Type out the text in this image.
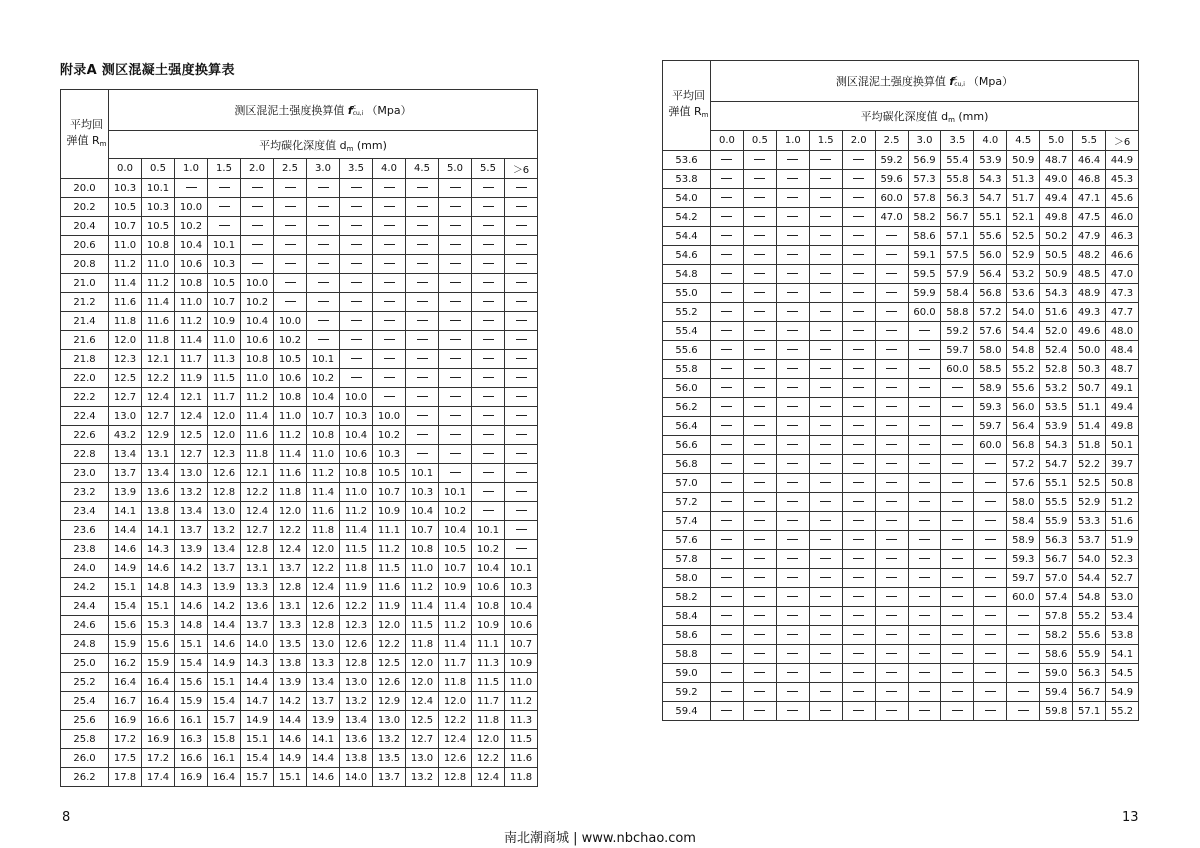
附录A 测区混凝土强度换算表
平均回
弹值 $R_m$	测区混泥土强度换算值 fc
cu,i （Mpa）												
	平均碳化深度值 $d_m$ (mm)												
	0.0	0.5	1.0	1.5	2.0	2.5	3.0	3.5	4.0	4.5	5.0	5.5	＞6
20.0	10.3	10.1											
20.2	10.5	10.3	10.0										
20.4	10.7	10.5	10.2										
20.6	11.0	10.8	10.4	10.1									
20.8	11.2	11.0	10.6	10.3									
21.0	11.4	11.2	10.8	10.5	10.0								
21.2	11.6	11.4	11.0	10.7	10.2								
21.4	11.8	11.6	11.2	10.9	10.4	10.0							
21.6	12.0	11.8	11.4	11.0	10.6	10.2							
21.8	12.3	12.1	11.7	11.3	10.8	10.5	10.1						
22.0	12.5	12.2	11.9	11.5	11.0	10.6	10.2						
22.2	12.7	12.4	12.1	11.7	11.2	10.8	10.4	10.0					
22.4	13.0	12.7	12.4	12.0	11.4	11.0	10.7	10.3	10.0				
22.6	43.2	12.9	12.5	12.0	11.6	11.2	10.8	10.4	10.2				
22.8	13.4	13.1	12.7	12.3	11.8	11.4	11.0	10.6	10.3				
23.0	13.7	13.4	13.0	12.6	12.1	11.6	11.2	10.8	10.5	10.1			
23.2	13.9	13.6	13.2	12.8	12.2	11.8	11.4	11.0	10.7	10.3	10.1		
23.4	14.1	13.8	13.4	13.0	12.4	12.0	11.6	11.2	10.9	10.4	10.2		
23.6	14.4	14.1	13.7	13.2	12.7	12.2	11.8	11.4	11.1	10.7	10.4	10.1	
23.8	14.6	14.3	13.9	13.4	12.8	12.4	12.0	11.5	11.2	10.8	10.5	10.2	
24.0	14.9	14.6	14.2	13.7	13.1	13.7	12.2	11.8	11.5	11.0	10.7	10.4	10.1
24.2	15.1	14.8	14.3	13.9	13.3	12.8	12.4	11.9	11.6	11.2	10.9	10.6	10.3
24.4	15.4	15.1	14.6	14.2	13.6	13.1	12.6	12.2	11.9	11.4	11.4	10.8	10.4
24.6	15.6	15.3	14.8	14.4	13.7	13.3	12.8	12.3	12.0	11.5	11.2	10.9	10.6
24.8	15.9	15.6	15.1	14.6	14.0	13.5	13.0	12.6	12.2	11.8	11.4	11.1	10.7
25.0	16.2	15.9	15.4	14.9	14.3	13.8	13.3	12.8	12.5	12.0	11.7	11.3	10.9
25.2	16.4	16.4	15.6	15.1	14.4	13.9	13.4	13.0	12.6	12.0	11.8	11.5	11.0
25.4	16.7	16.4	15.9	15.4	14.7	14.2	13.7	13.2	12.9	12.4	12.0	11.7	11.2
25.6	16.9	16.6	16.1	15.7	14.9	14.4	13.9	13.4	13.0	12.5	12.2	11.8	11.3
25.8	17.2	16.9	16.3	15.8	15.1	14.6	14.1	13.6	13.2	12.7	12.4	12.0	11.5
26.0	17.5	17.2	16.6	16.1	15.4	14.9	14.4	13.8	13.5	13.0	12.6	12.2	11.6
26.2	17.8	17.4	16.9	16.4	15.7	15.1	14.6	14.0	13.7	13.2	12.8	12.4	11.8
平均回
弹值 $R_m$	测区混泥土强度换算值 fc
cu,i （Mpa）												
	平均碳化深度值 $d_m$ (mm)												
	0.0	0.5	1.0	1.5	2.0	2.5	3.0	3.5	4.0	4.5	5.0	5.5	＞6
53.6						59.2	56.9	55.4	53.9	50.9	48.7	46.4	44.9
53.8						59.6	57.3	55.8	54.3	51.3	49.0	46.8	45.3
54.0						60.0	57.8	56.3	54.7	51.7	49.4	47.1	45.6
54.2						47.0	58.2	56.7	55.1	52.1	49.8	47.5	46.0
54.4							58.6	57.1	55.6	52.5	50.2	47.9	46.3
54.6							59.1	57.5	56.0	52.9	50.5	48.2	46.6
54.8							59.5	57.9	56.4	53.2	50.9	48.5	47.0
55.0							59.9	58.4	56.8	53.6	54.3	48.9	47.3
55.2							60.0	58.8	57.2	54.0	51.6	49.3	47.7
55.4								59.2	57.6	54.4	52.0	49.6	48.0
55.6								59.7	58.0	54.8	52.4	50.0	48.4
55.8								60.0	58.5	55.2	52.8	50.3	48.7
56.0									58.9	55.6	53.2	50.7	49.1
56.2									59.3	56.0	53.5	51.1	49.4
56.4									59.7	56.4	53.9	51.4	49.8
56.6									60.0	56.8	54.3	51.8	50.1
56.8										57.2	54.7	52.2	39.7
57.0										57.6	55.1	52.5	50.8
57.2										58.0	55.5	52.9	51.2
57.4										58.4	55.9	53.3	51.6
57.6										58.9	56.3	53.7	51.9
57.8										59.3	56.7	54.0	52.3
58.0										59.7	57.0	54.4	52.7
58.2										60.0	57.4	54.8	53.0
58.4											57.8	55.2	53.4
58.6											58.2	55.6	53.8
58.8											58.6	55.9	54.1
59.0											59.0	56.3	54.5
59.2											59.4	56.7	54.9
59.4											59.8	57.1	55.2
8	13
南北潮商城 | www.nbchao.com
